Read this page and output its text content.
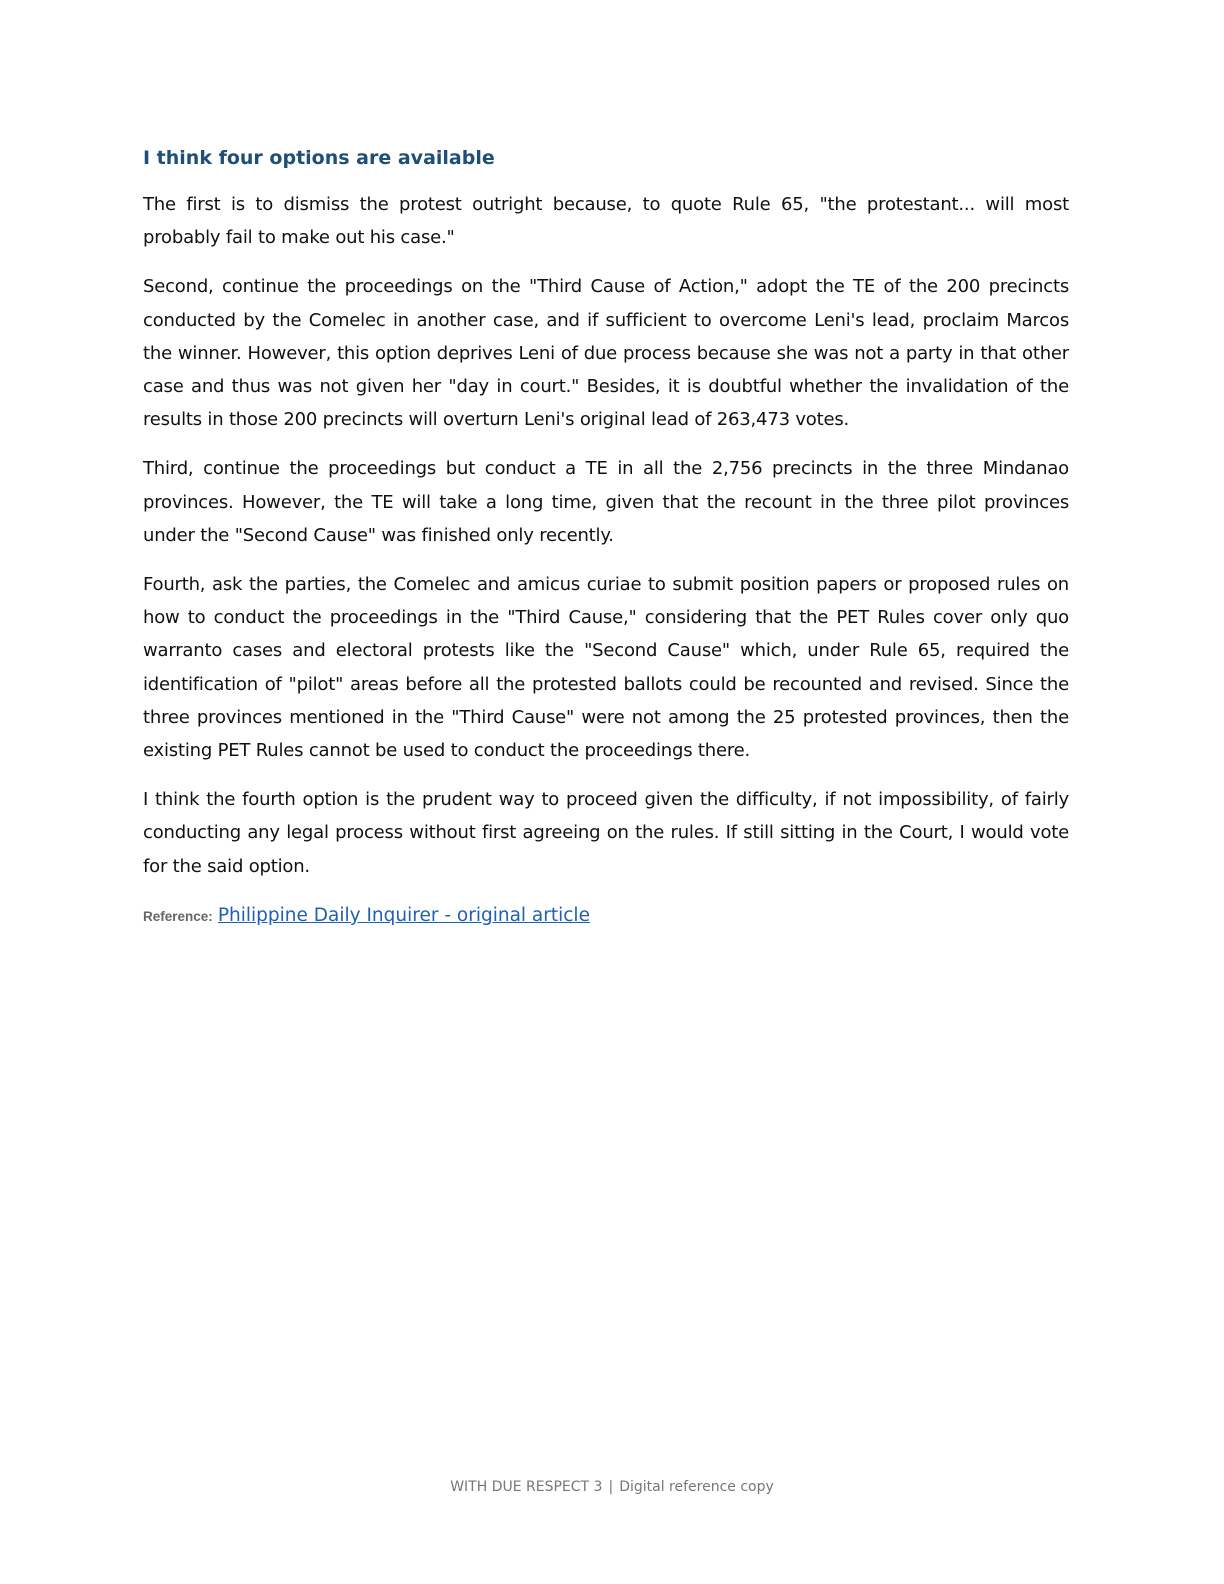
I think four options are available

The first is to dismiss the protest outright because, to quote Rule 65, "the protestant... will most probably fail to make out his case."

Second, continue the proceedings on the "Third Cause of Action," adopt the TE of the 200 precincts conducted by the Comelec in another case, and if sufficient to overcome Leni's lead, proclaim Marcos the winner. However, this option deprives Leni of due process because she was not a party in that other case and thus was not given her "day in court." Besides, it is doubtful whether the invalidation of the results in those 200 precincts will overturn Leni's original lead of 263,473 votes.

Third, continue the proceedings but conduct a TE in all the 2,756 precincts in the three Mindanao provinces. However, the TE will take a long time, given that the recount in the three pilot provinces under the "Second Cause" was finished only recently.

Fourth, ask the parties, the Comelec and amicus curiae to submit position papers or proposed rules on how to conduct the proceedings in the "Third Cause," considering that the PET Rules cover only quo warranto cases and electoral protests like the "Second Cause" which, under Rule 65, required the identification of "pilot" areas before all the protested ballots could be recounted and revised. Since the three provinces mentioned in the "Third Cause" were not among the 25 protested provinces, then the existing PET Rules cannot be used to conduct the proceedings there.

I think the fourth option is the prudent way to proceed given the difficulty, if not impossibility, of fairly conducting any legal process without first agreeing on the rules. If still sitting in the Court, I would vote for the said option.

Reference: Philippine Daily Inquirer - original article
WITH DUE RESPECT 3 | Digital reference copy
